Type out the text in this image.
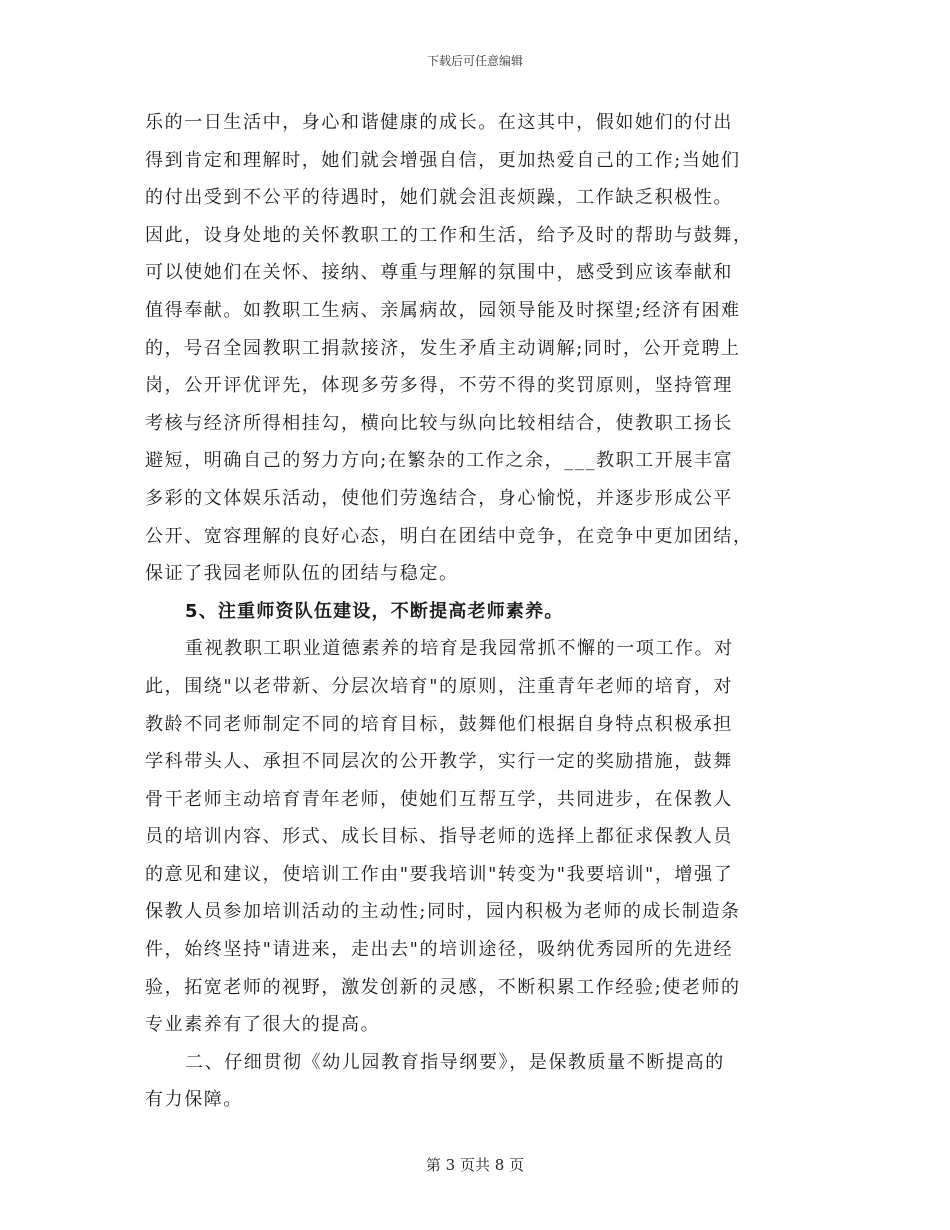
下载后可任意编辑

乐的一日生活中，身心和谐健康的成长。在这其中，假如她们的付出
得到肯定和理解时，她们就会增强自信，更加热爱自己的工作;当她们
的付出受到不公平的待遇时，她们就会沮丧烦躁，工作缺乏积极性。
因此，设身处地的关怀教职工的工作和生活，给予及时的帮助与鼓舞，
可以使她们在关怀、接纳、尊重与理解的氛围中，感受到应该奉献和
值得奉献。如教职工生病、亲属病故，园领导能及时探望;经济有困难
的，号召全园教职工捐款接济，发生矛盾主动调解;同时，公开竞聘上
岗，公开评优评先，体现多劳多得，不劳不得的奖罚原则，坚持管理
考核与经济所得相挂勾，横向比较与纵向比较相结合，使教职工扬长
避短，明确自己的努力方向;在繁杂的工作之余，___教职工开展丰富
多彩的文体娱乐活动，使他们劳逸结合，身心愉悦，并逐步形成公平
公开、宽容理解的良好心态，明白在团结中竞争，在竞争中更加团结，
保证了我园老师队伍的团结与稳定。

5、注重师资队伍建设，不断提高老师素养。

重视教职工职业道德素养的培育是我园常抓不懈的一项工作。对
此，围绕"以老带新、分层次培育"的原则，注重青年老师的培育，对
教龄不同老师制定不同的培育目标，鼓舞他们根据自身特点积极承担
学科带头人、承担不同层次的公开教学，实行一定的奖励措施，鼓舞
骨干老师主动培育青年老师，使她们互帮互学，共同进步，在保教人
员的培训内容、形式、成长目标、指导老师的选择上都征求保教人员
的意见和建议，使培训工作由"要我培训"转变为"我要培训"，增强了
保教人员参加培训活动的主动性;同时，园内积极为老师的成长制造条
件，始终坚持"请进来，走出去"的培训途径，吸纳优秀园所的先进经
验，拓宽老师的视野，激发创新的灵感，不断积累工作经验;使老师的
专业素养有了很大的提高。

二、仔细贯彻《幼儿园教育指导纲要》，是保教质量不断提高的
有力保障。

第 3 页共 8 页
